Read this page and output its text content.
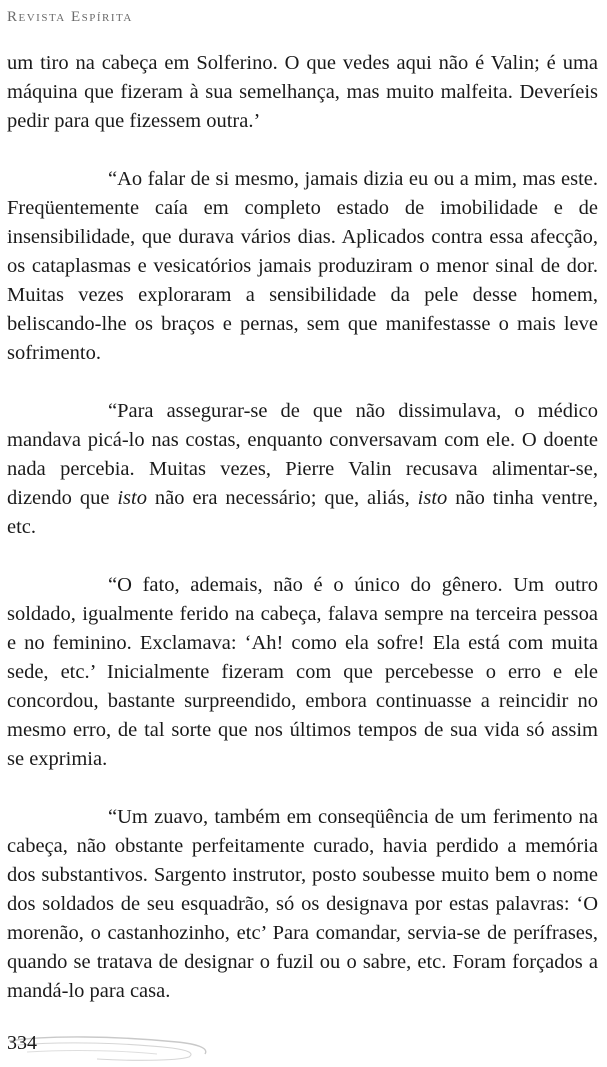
Revista Espírita

um tiro na cabeça em Solferino. O que vedes aqui não é Valin; é uma máquina que fizeram à sua semelhança, mas muito malfeita. Deveríeis pedir para que fizessem outra.’

“Ao falar de si mesmo, jamais dizia eu ou a mim, mas este. Freqüentemente caía em completo estado de imobilidade e de insensibilidade, que durava vários dias. Aplicados contra essa afecção, os cataplasmas e vesicatórios jamais produziram o menor sinal de dor. Muitas vezes exploraram a sensibilidade da pele desse homem, beliscando-lhe os braços e pernas, sem que manifestasse o mais leve sofrimento.

“Para assegurar-se de que não dissimulava, o médico mandava picá-lo nas costas, enquanto conversavam com ele. O doente nada percebia. Muitas vezes, Pierre Valin recusava alimentar-se, dizendo que isto não era necessário; que, aliás, isto não tinha ventre, etc.

“O fato, ademais, não é o único do gênero. Um outro soldado, igualmente ferido na cabeça, falava sempre na terceira pessoa e no feminino. Exclamava: ‘Ah! como ela sofre! Ela está com muita sede, etc.’ Inicialmente fizeram com que percebesse o erro e ele concordou, bastante surpreendido, embora continuasse a reincidir no mesmo erro, de tal sorte que nos últimos tempos de sua vida só assim se exprimia.

“Um zuavo, também em conseqüência de um ferimento na cabeça, não obstante perfeitamente curado, havia perdido a memória dos substantivos. Sargento instrutor, posto soubesse muito bem o nome dos soldados de seu esquadrão, só os designava por estas palavras: ‘O morenão, o castanhozinho, etc’ Para comandar, servia-se de perífrases, quando se tratava de designar o fuzil ou o sabre, etc. Foram forçados a mandá-lo para casa.

334
